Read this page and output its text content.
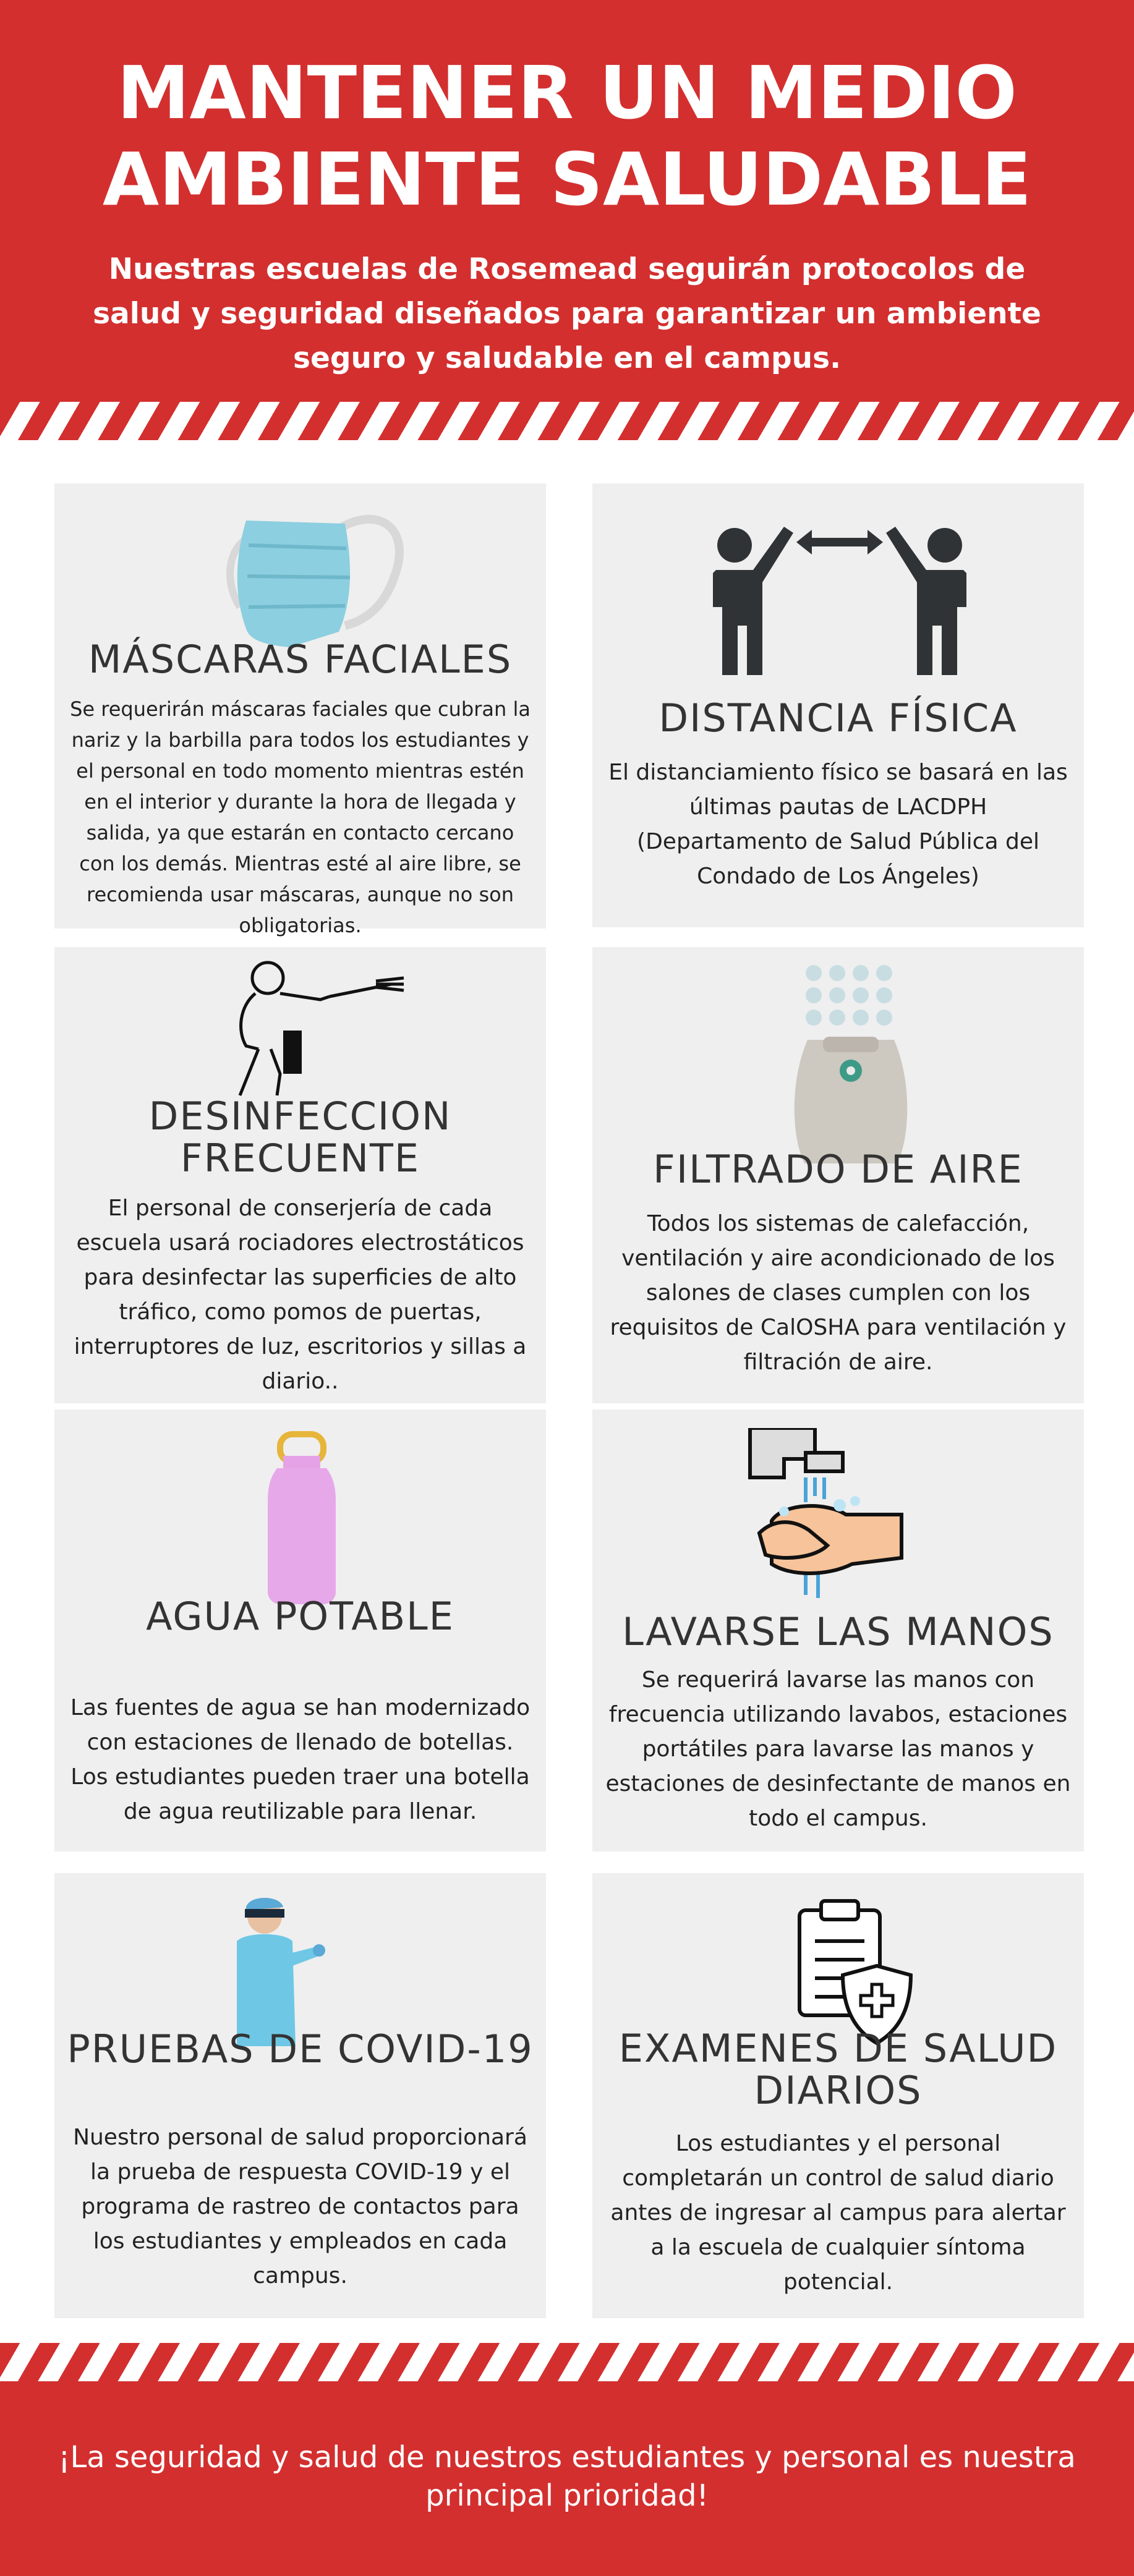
MANTENER UN MEDIO
AMBIENTE SALUDABLE
Nuestras escuelas de Rosemead seguirán protocolos de salud y seguridad diseñados para garantizar un ambiente seguro y saludable en el campus.
MÁSCARAS FACIALES
Se requerirán máscaras faciales que cubran la nariz y la barbilla para todos los estudiantes y el personal en todo momento mientras estén en el interior y durante la hora de llegada y salida, ya que estarán en contacto cercano con los demás. Mientras esté al aire libre, se recomienda usar máscaras, aunque no son obligatorias.
DISTANCIA FÍSICA
El distanciamiento físico se basará en las últimas pautas de LACDPH (Departamento de Salud Pública del Condado de Los Ángeles)
DESINFECCION
FRECUENTE
El personal de conserjería de cada escuela usará rociadores electrostáticos para desinfectar las superficies de alto tráfico, como pomos de puertas, interruptores de luz, escritorios y sillas a diario..
FILTRADO DE AIRE
Todos los sistemas de calefacción, ventilación y aire acondicionado de los salones de clases cumplen con los requisitos de CalOSHA para ventilación y filtración de aire.
AGUA POTABLE
Las fuentes de agua se han modernizado con estaciones de llenado de botellas. Los estudiantes pueden traer una botella de agua reutilizable para llenar.
LAVARSE LAS MANOS
Se requerirá lavarse las manos con frecuencia utilizando lavabos, estaciones portátiles para lavarse las manos y estaciones de desinfectante de manos en todo el campus.
PRUEBAS DE COVID-19
Nuestro personal de salud proporcionará la prueba de respuesta COVID-19 y el programa de rastreo de contactos para los estudiantes y empleados en cada campus.
EXAMENES DE SALUD
DIARIOS
Los estudiantes y el personal completarán un control de salud diario antes de ingresar al campus para alertar a la escuela de cualquier síntoma potencial.
¡La seguridad y salud de nuestros estudiantes y personal es nuestra principal prioridad!
